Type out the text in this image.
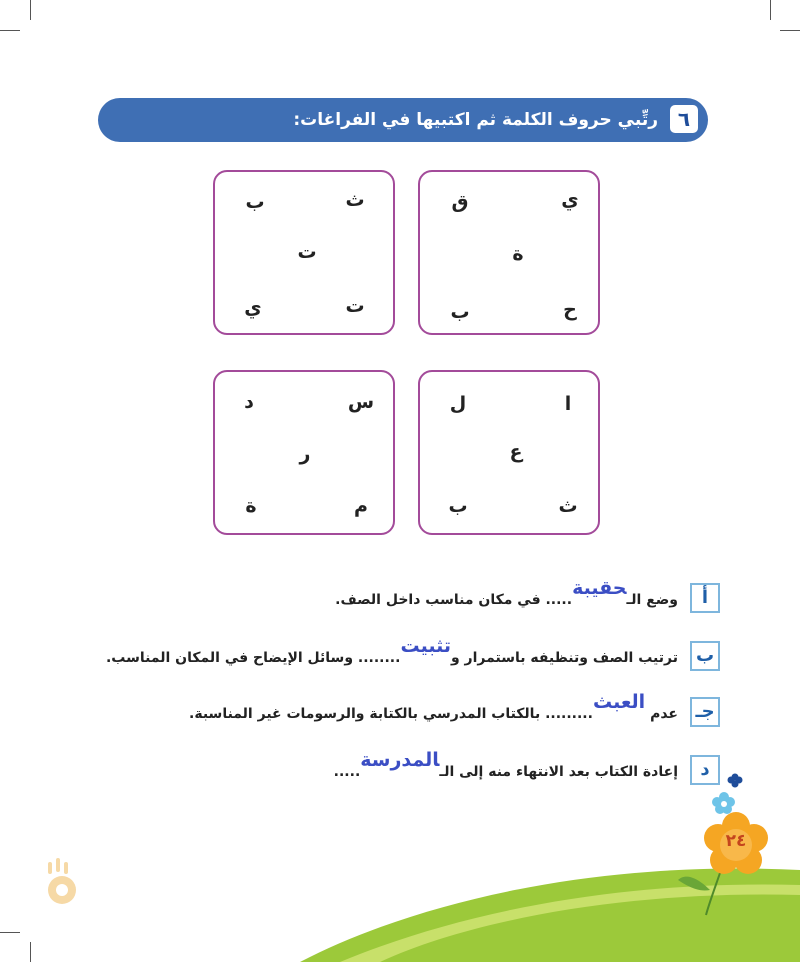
٦
رتِّبي حروف الكلمة ثم اكتبيها في الفراغات:
ق	ي
ة
ب	ح
ب	ث
ت
ي	ت
ل	ا
ع
ب	ث
د	س
ر
ة	م
أ
وضع الـحقيبة..... في مكان مناسب داخل الصف.
ب
ترتيب الصف وتنظيفه باستمرار وتثبيت........ وسائل الإيضاح في المكان المناسب.
جـ
عدم العبث......... بالكتاب المدرسي بالكتابة والرسومات غير المناسبة.
د
إعادة الكتاب بعد الانتهاء منه إلى الـالمدرسة.....
٢٤
